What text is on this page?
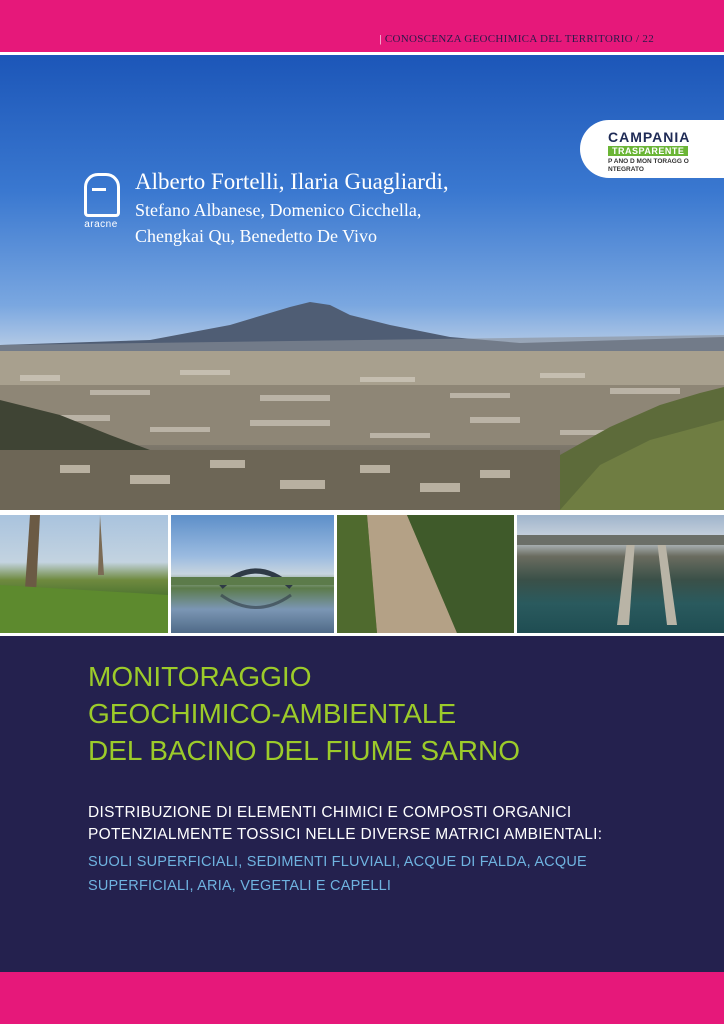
| CONOSCENZA GEOCHIMICA DEL TERRITORIO / 22
aracne
Alberto Fortelli, Ilaria Guagliardi,
Stefano Albanese, Domenico Cicchella,
Chengkai Qu, Benedetto De Vivo
CAMPANIA
TRASPARENTE
P ANO D MON TORAGG O NTEGRATO
MONITORAGGIO
GEOCHIMICO-AMBIENTALE
DEL BACINO DEL FIUME SARNO
DISTRIBUZIONE DI ELEMENTI CHIMICI E COMPOSTI ORGANICI
POTENZIALMENTE TOSSICI NELLE DIVERSE MATRICI AMBIENTALI:
SUOLI SUPERFICIALI, SEDIMENTI FLUVIALI, ACQUE DI FALDA, ACQUE SUPERFICIALI, ARIA, VEGETALI E CAPELLI
